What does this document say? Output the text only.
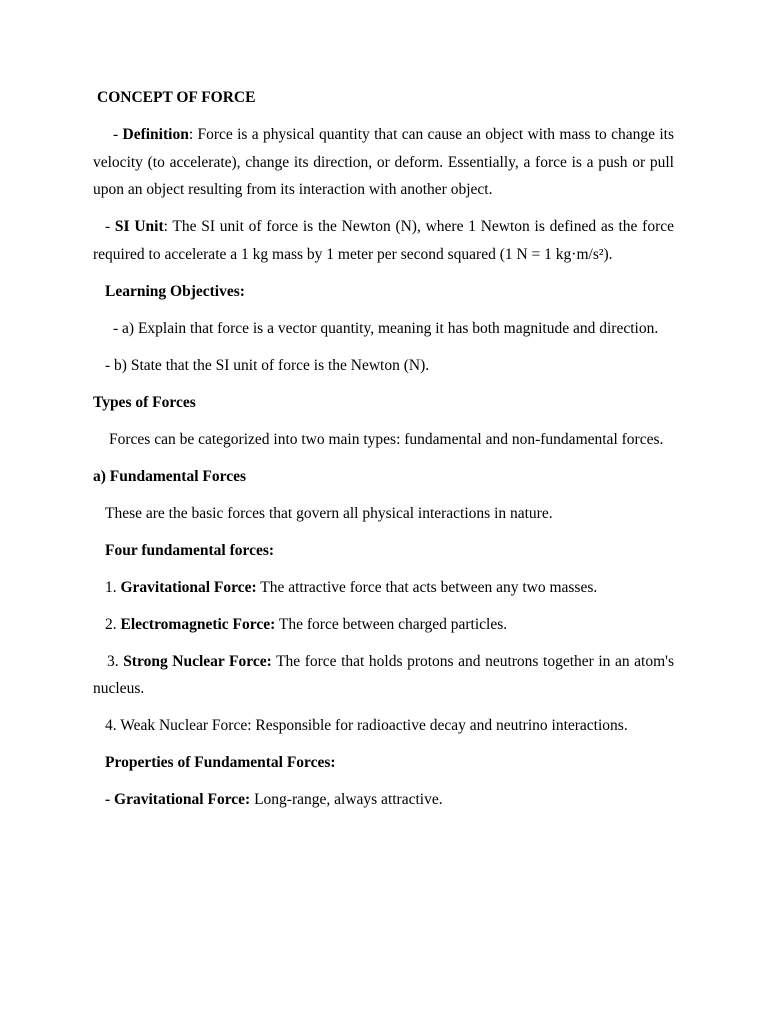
CONCEPT OF FORCE

- Definition: Force is a physical quantity that can cause an object with mass to change its velocity (to accelerate), change its direction, or deform. Essentially, a force is a push or pull upon an object resulting from its interaction with another object.

- SI Unit: The SI unit of force is the Newton (N), where 1 Newton is defined as the force required to accelerate a 1 kg mass by 1 meter per second squared (1 N = 1 kg·m/s²).

Learning Objectives:

- a) Explain that force is a vector quantity, meaning it has both magnitude and direction.

- b) State that the SI unit of force is the Newton (N).

Types of Forces

Forces can be categorized into two main types: fundamental and non-fundamental forces.

a) Fundamental Forces

These are the basic forces that govern all physical interactions in nature.

Four fundamental forces:

1. Gravitational Force: The attractive force that acts between any two masses.

2. Electromagnetic Force: The force between charged particles.

3. Strong Nuclear Force: The force that holds protons and neutrons together in an atom's nucleus.

4. Weak Nuclear Force: Responsible for radioactive decay and neutrino interactions.

Properties of Fundamental Forces:

- Gravitational Force: Long-range, always attractive.
